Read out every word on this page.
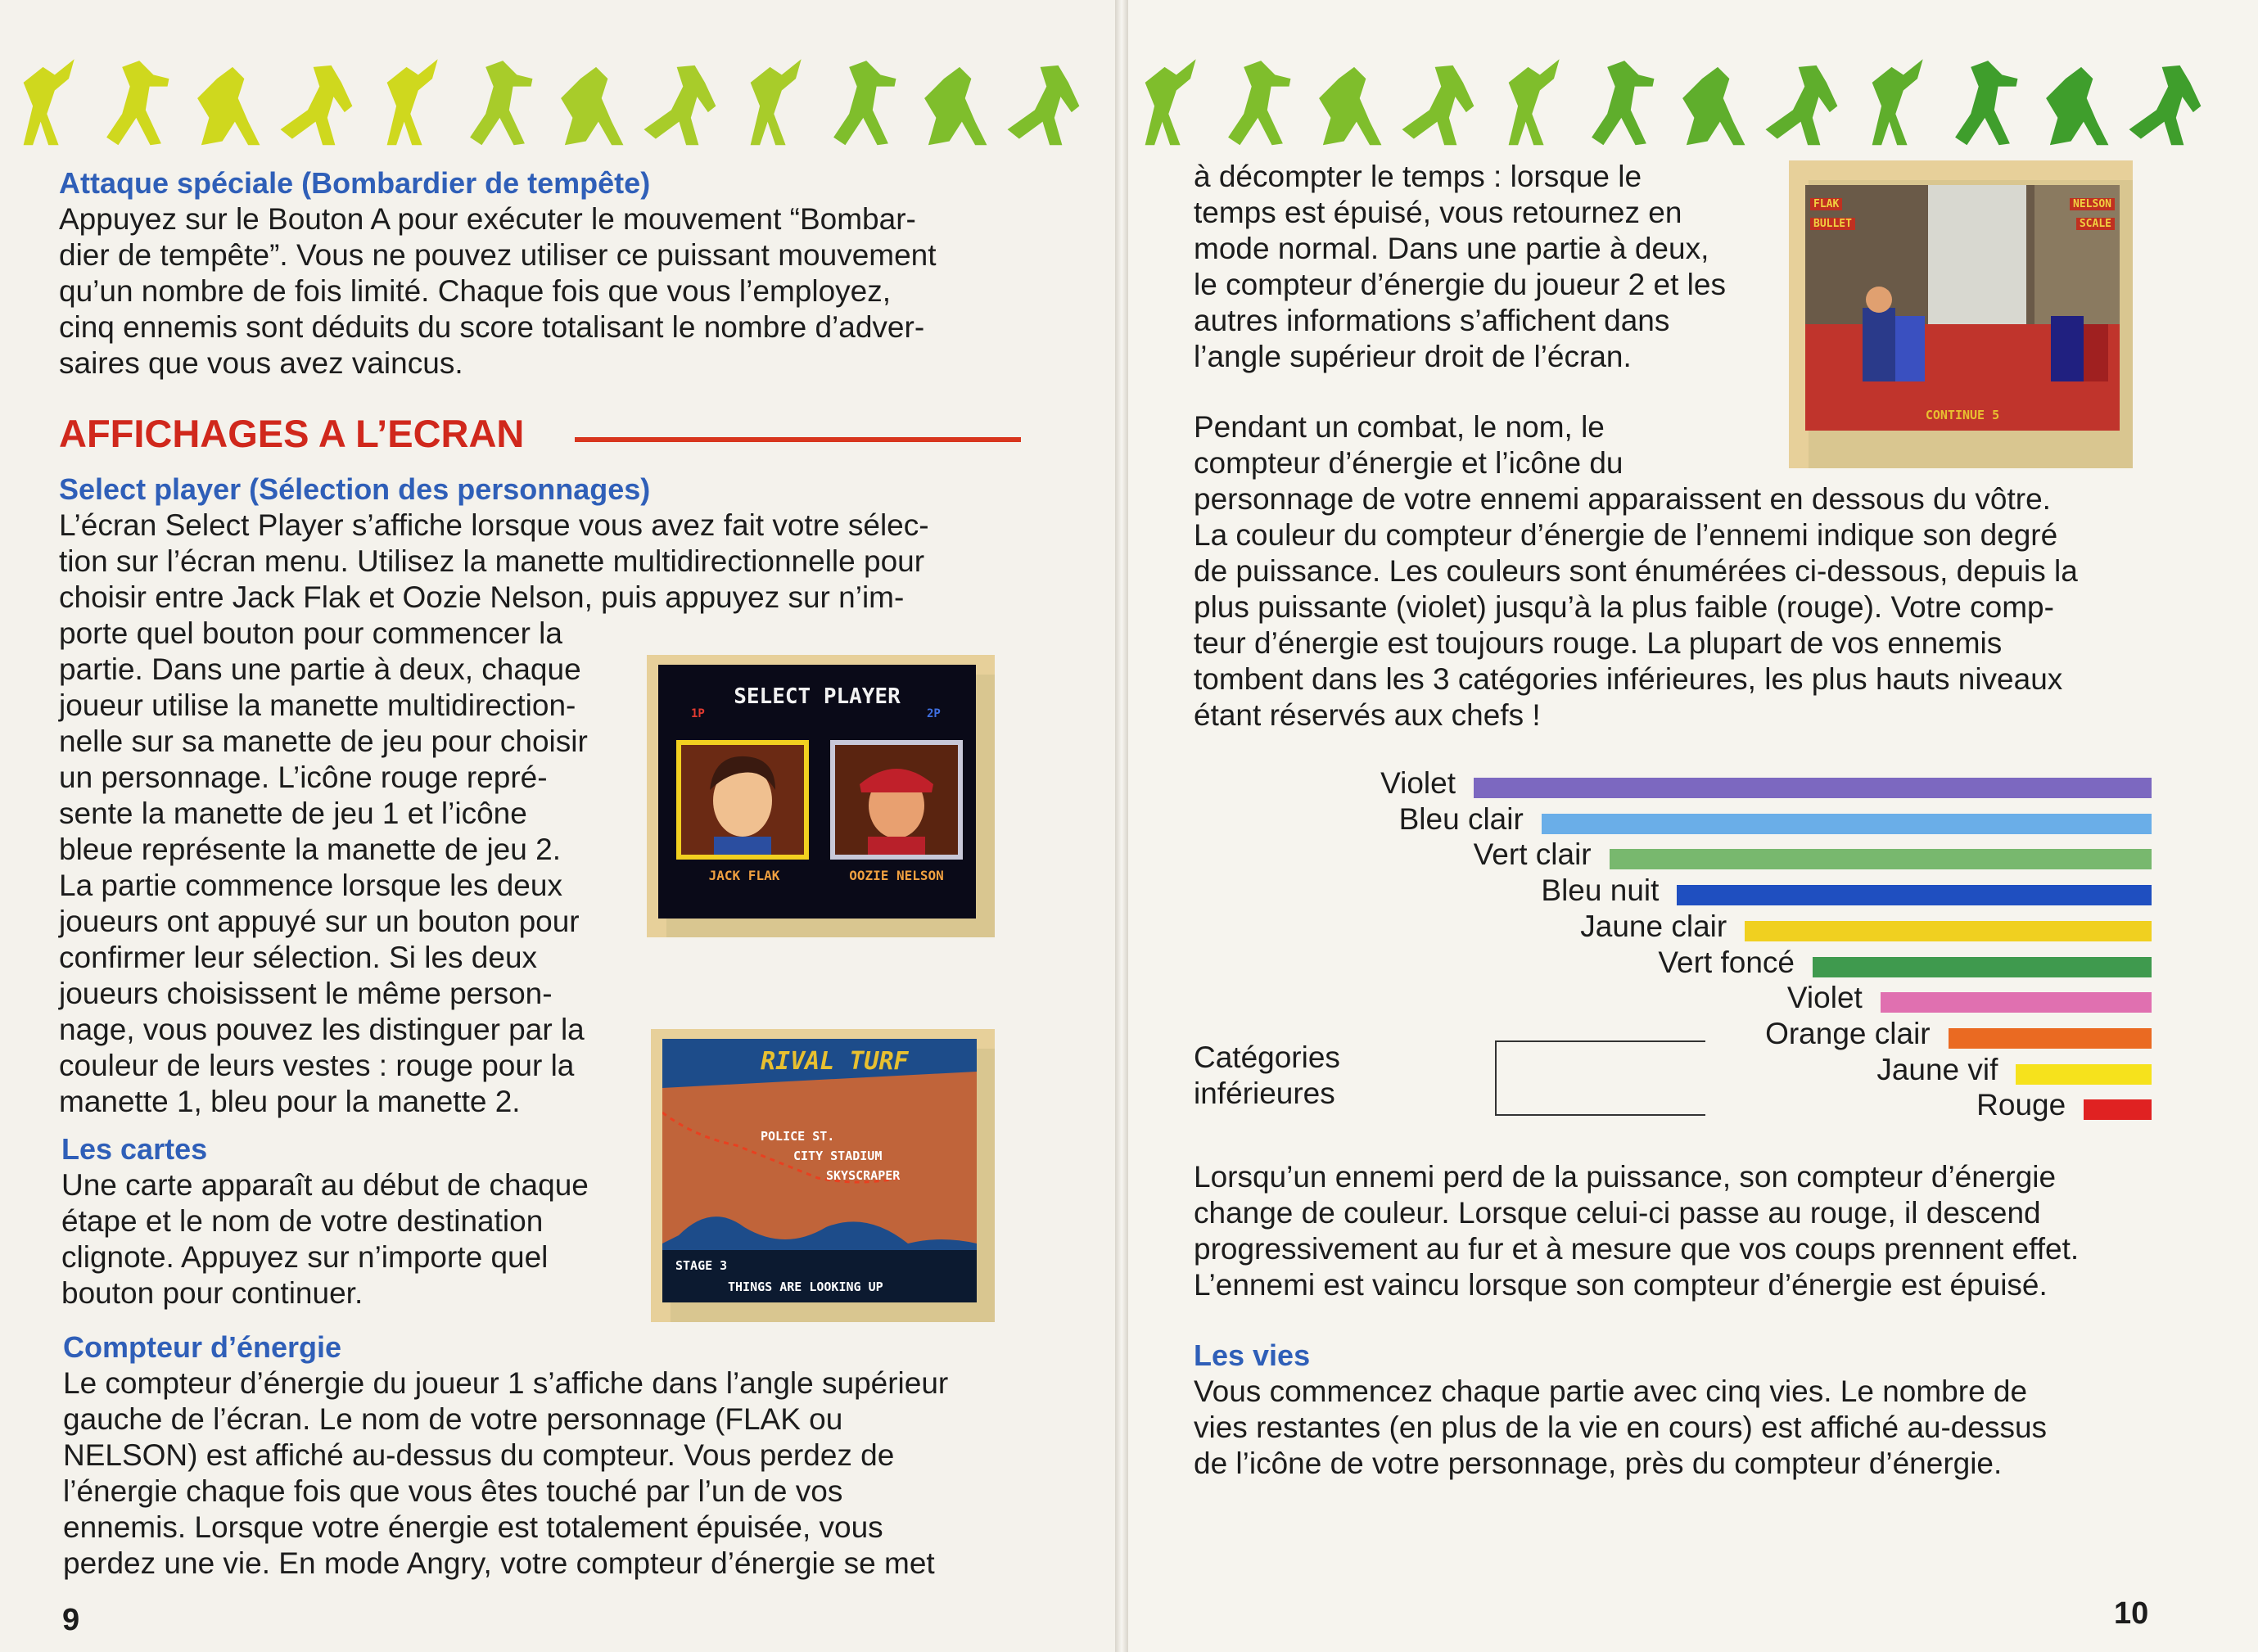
Attaque spéciale (Bombardier de tempête)
Appuyez sur le Bouton A pour exécuter le mouvement “Bombar-
dier de tempête”. Vous ne pouvez utiliser ce puissant mouvement
qu’un nombre de fois limité. Chaque fois que vous l’employez,
cinq ennemis sont déduits du score totalisant le nombre d’adver-
saires que vous avez vaincus.
AFFICHAGES A L’ECRAN
Select player (Sélection des personnages)
L’écran Select Player s’affiche lorsque vous avez fait votre sélec-
tion sur l’écran menu. Utilisez la manette multidirectionnelle pour
choisir entre Jack Flak et Oozie Nelson, puis appuyez sur n’im-
porte quel bouton pour commencer la
partie. Dans une partie à deux, chaque
joueur utilise la manette multidirection-
nelle sur sa manette de jeu pour choisir
un personnage. L’icône rouge repré-
sente la manette de jeu 1 et l’icône
bleue représente la manette de jeu 2.
La partie commence lorsque les deux
joueurs ont appuyé sur un bouton pour
confirmer leur sélection. Si les deux
joueurs choisissent le même person-
nage, vous pouvez les distinguer par la
couleur de leurs vestes : rouge pour la
manette 1, bleu pour la manette 2.
SELECT PLAYER
1P	2P
JACK FLAK	OOZIE NELSON
RIVAL TURF
POLICE ST.
CITY STADIUM
SKYSCRAPER
STAGE 3
THINGS ARE LOOKING UP
Les cartes
Une carte apparaît au début de chaque
étape et le nom de votre destination
clignote. Appuyez sur n’importe quel
bouton pour continuer.
Compteur d’énergie
Le compteur d’énergie du joueur 1 s’affiche dans l’angle supérieur
gauche de l’écran. Le nom de votre personnage (FLAK ou
NELSON) est affiché au-dessus du compteur. Vous perdez de
l’énergie chaque fois que vous êtes touché par l’un de vos
ennemis. Lorsque votre énergie est totalement épuisée, vous
perdez une vie. En mode Angry, votre compteur d’énergie se met
9
à décompter le temps : lorsque le
temps est épuisé, vous retournez en
mode normal. Dans une partie à deux,
le compteur d’énergie du joueur 2 et les
autres informations s’affichent dans
l’angle supérieur droit de l’écran.
FLAK
BULLET
NELSON
SCALE
CONTINUE 5
Pendant un combat, le nom, le
compteur d’énergie et l’icône du
personnage de votre ennemi apparaissent en dessous du vôtre.
La couleur du compteur d’énergie de l’ennemi indique son degré
de puissance. Les couleurs sont énumérées ci-dessous, depuis la
plus puissante (violet) jusqu’à la plus faible (rouge). Votre comp-
teur d’énergie est toujours rouge. La plupart de vos ennemis
tombent dans les 3 catégories inférieures, les plus hauts niveaux
étant réservés aux chefs !
Violet
Bleu clair
Vert clair
Bleu nuit
Jaune clair
Vert foncé
Violet
Orange clair
Jaune vif
Rouge
Catégories
inférieures
Lorsqu’un ennemi perd de la puissance, son compteur d’énergie
change de couleur. Lorsque celui-ci passe au rouge, il descend
progressivement au fur et à mesure que vos coups prennent effet.
L’ennemi est vaincu lorsque son compteur d’énergie est épuisé.
Les vies
Vous commencez chaque partie avec cinq vies. Le nombre de
vies restantes (en plus de la vie en cours) est affiché au-dessus
de l’icône de votre personnage, près du compteur d’énergie.
10
